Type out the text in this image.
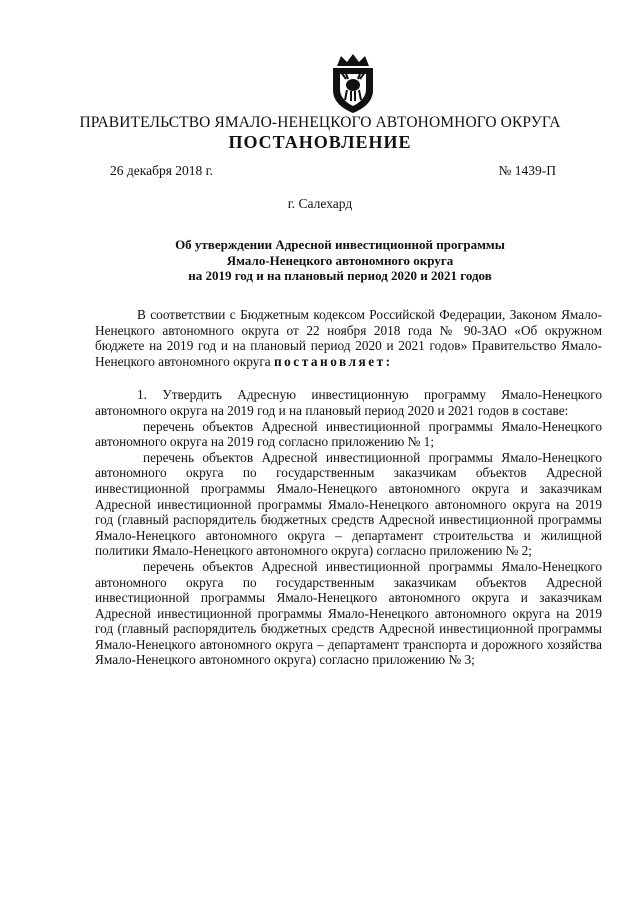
ПРАВИТЕЛЬСТВО ЯМАЛО-НЕНЕЦКОГО АВТОНОМНОГО ОКРУГА
ПОСТАНОВЛЕНИЕ
26 декабря 2018 г.	№ 1439-П
г. Салехард
Об утверждении Адресной инвестиционной программы
Ямало-Ненецкого автономного округа
на 2019 год и на плановый период 2020 и 2021 годов

В соответствии с Бюджетным кодексом Российской Федерации, Законом Ямало-Ненецкого автономного округа от 22 ноября 2018 года № 90-ЗАО «Об окружном бюджете на 2019 год и на плановый период 2020 и 2021 годов» Правительство Ямало-Ненецкого автономного округа постановляет:

1. Утвердить Адресную инвестиционную программу Ямало-Ненецкого автономного округа на 2019 год и на плановый период 2020 и 2021 годов в составе:

перечень объектов Адресной инвестиционной программы Ямало-Ненецкого автономного округа на 2019 год согласно приложению № 1;

перечень объектов Адресной инвестиционной программы Ямало-Ненецкого автономного округа по государственным заказчикам объектов Адресной инвестиционной программы Ямало-Ненецкого автономного округа и заказчикам Адресной инвестиционной программы Ямало-Ненецкого автономного округа на 2019 год (главный распорядитель бюджетных средств Адресной инвестиционной программы Ямало-Ненецкого автономного округа – департамент строительства и жилищной политики Ямало-Ненецкого автономного округа) согласно приложению № 2;

перечень объектов Адресной инвестиционной программы Ямало-Ненецкого автономного округа по государственным заказчикам объектов Адресной инвестиционной программы Ямало-Ненецкого автономного округа и заказчикам Адресной инвестиционной программы Ямало-Ненецкого автономного округа на 2019 год (главный распорядитель бюджетных средств Адресной инвестиционной программы Ямало-Ненецкого автономного округа – департамент транспорта и дорожного хозяйства Ямало-Ненецкого автономного округа) согласно приложению № 3;
